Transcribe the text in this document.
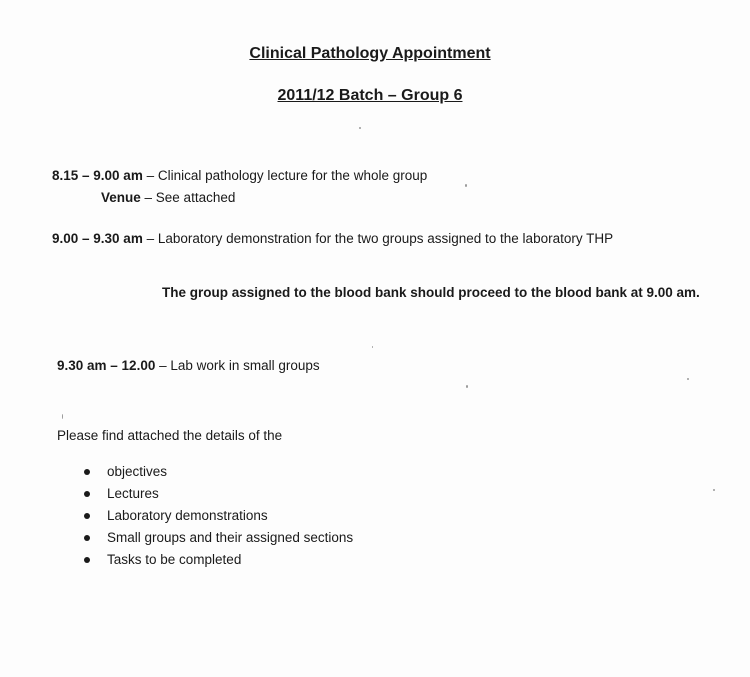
Clinical Pathology Appointment
2011/12 Batch – Group 6
8.15 – 9.00 am – Clinical pathology lecture for the whole group
Venue – See attached
9.00 – 9.30 am – Laboratory demonstration for the two groups assigned to the laboratory THP
The group assigned to the blood bank should proceed to the blood bank at 9.00 am.
9.30 am – 12.00 – Lab work in small groups
Please find attached the details of the
objectives
Lectures
Laboratory demonstrations
Small groups and their assigned sections
Tasks to be completed
